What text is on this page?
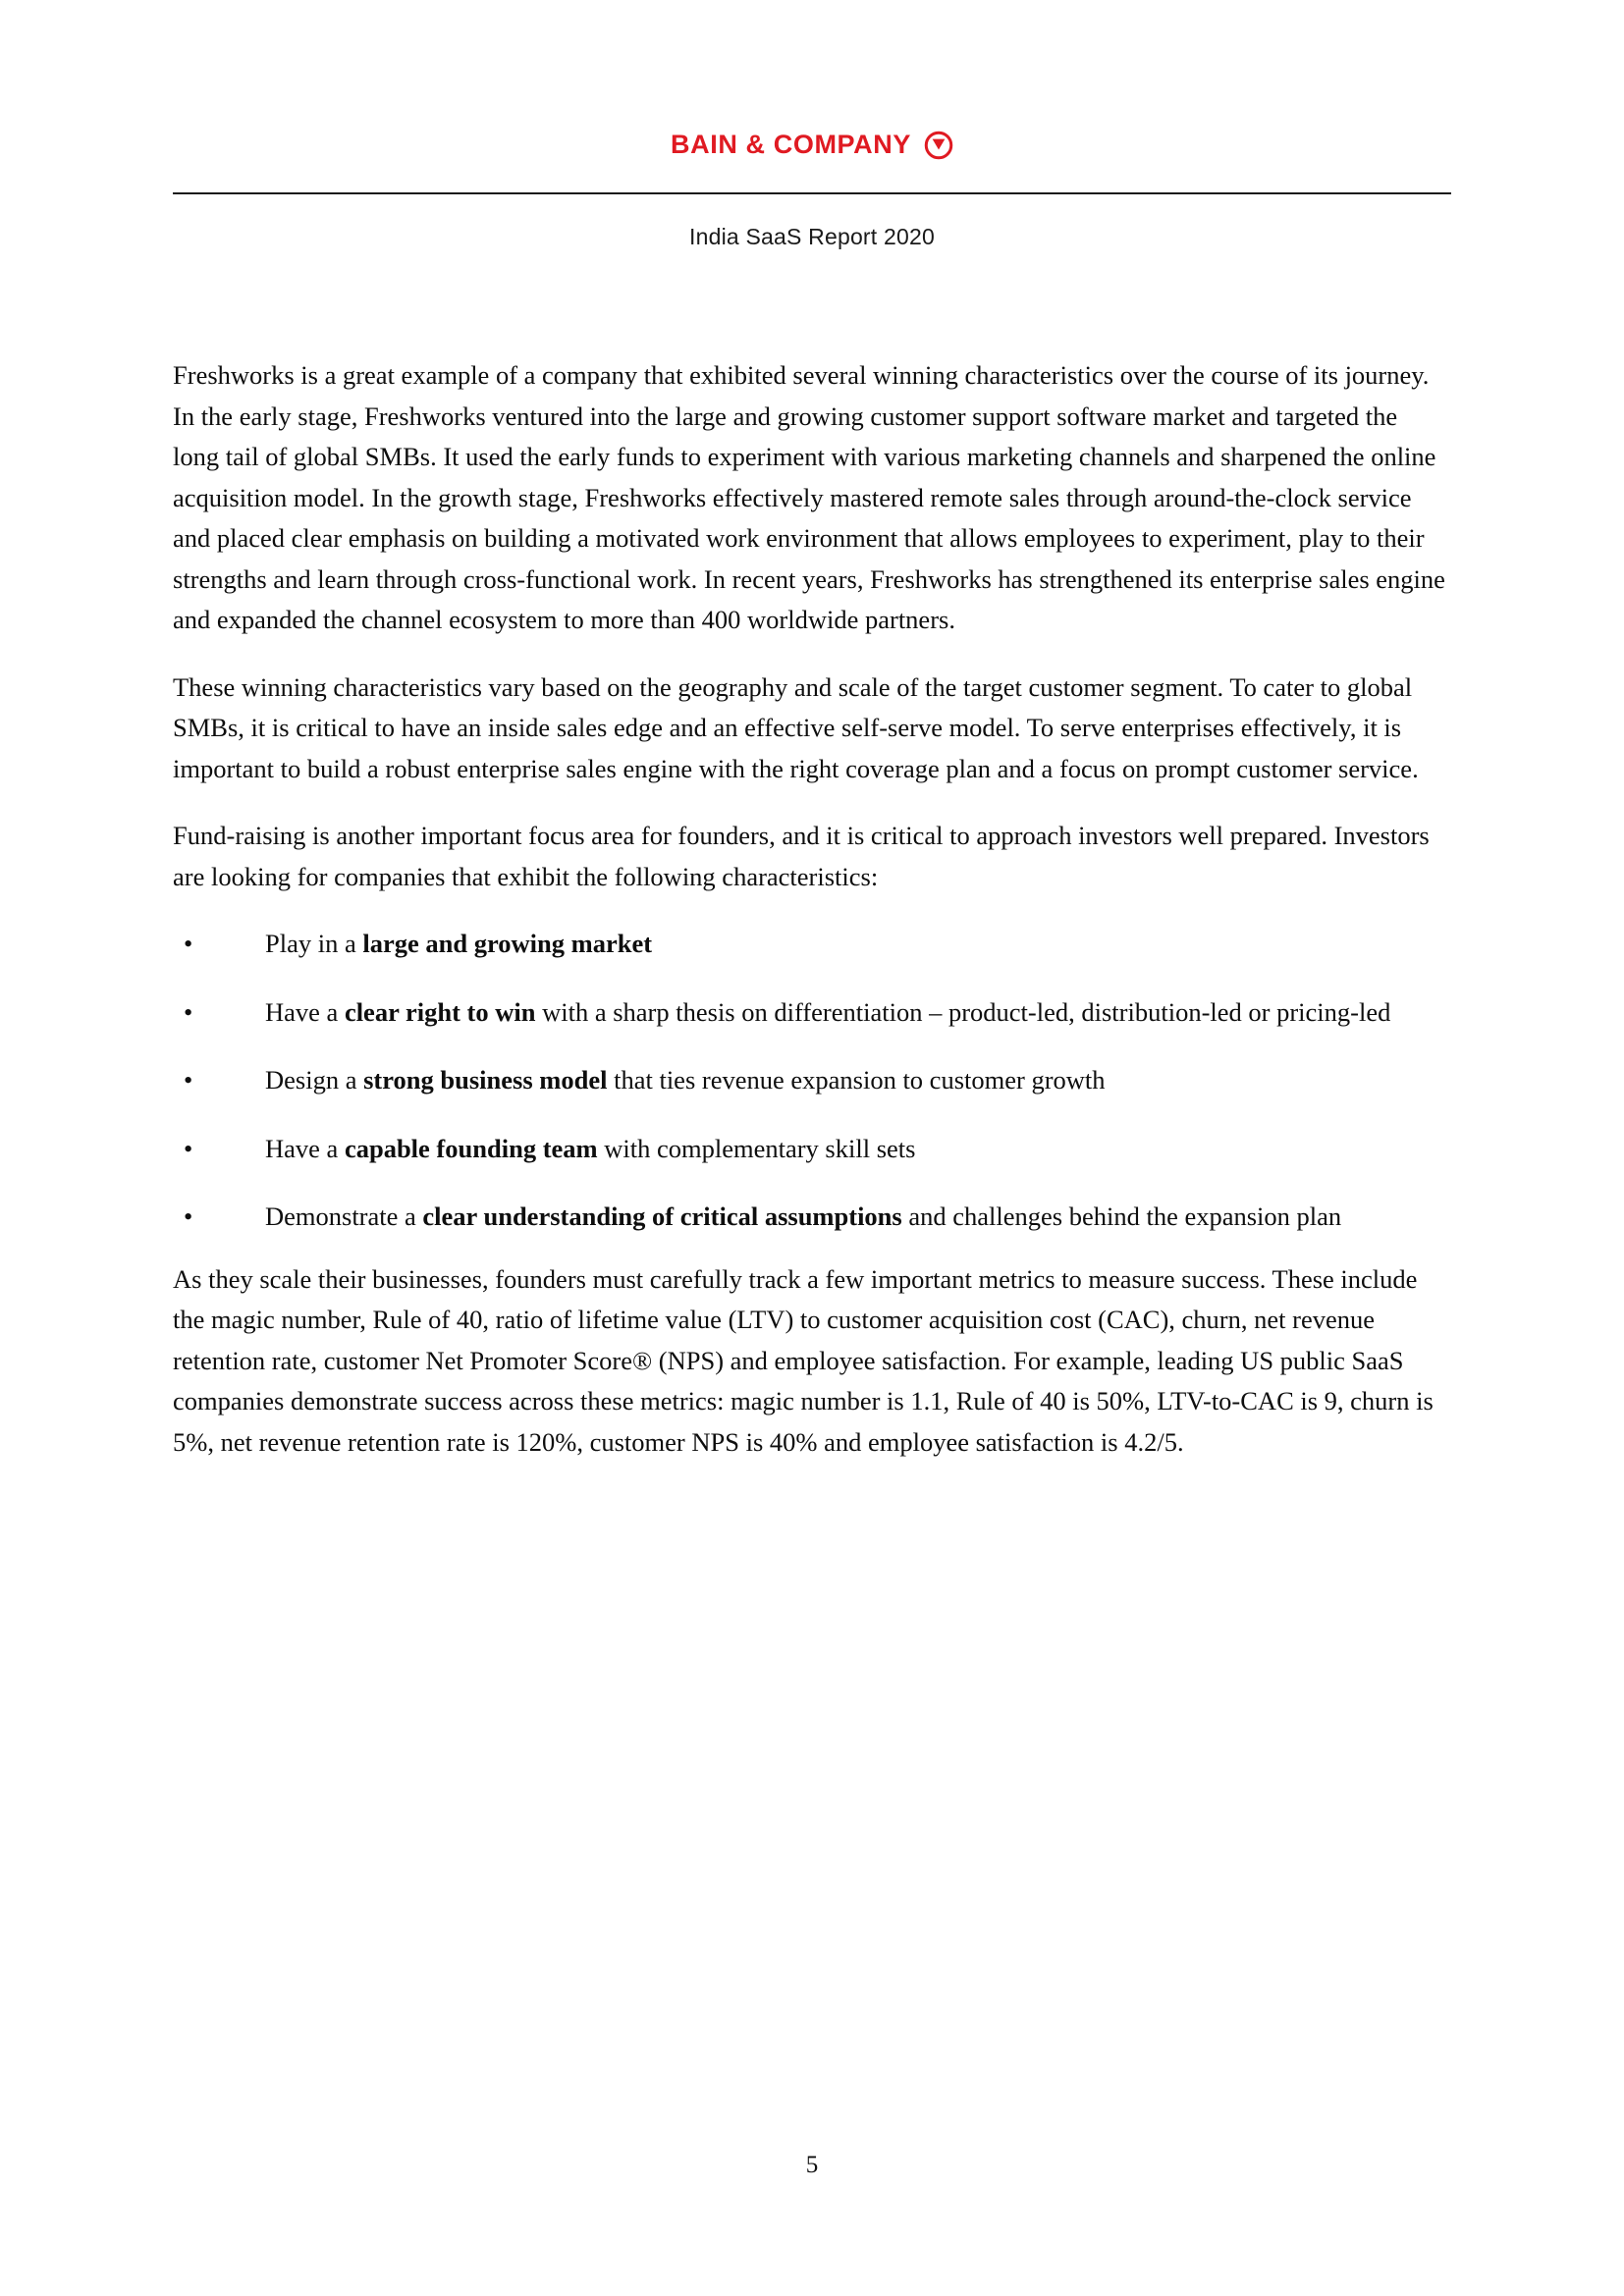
BAIN & COMPANY
India SaaS Report 2020

Freshworks is a great example of a company that exhibited several winning characteristics over the course of its journey. In the early stage, Freshworks ventured into the large and growing customer support software market and targeted the long tail of global SMBs. It used the early funds to experiment with various marketing channels and sharpened the online acquisition model. In the growth stage, Freshworks effectively mastered remote sales through around-the-clock service and placed clear emphasis on building a motivated work environment that allows employees to experiment, play to their strengths and learn through cross-functional work. In recent years, Freshworks has strengthened its enterprise sales engine and expanded the channel ecosystem to more than 400 worldwide partners.

These winning characteristics vary based on the geography and scale of the target customer segment. To cater to global SMBs, it is critical to have an inside sales edge and an effective self-serve model. To serve enterprises effectively, it is important to build a robust enterprise sales engine with the right coverage plan and a focus on prompt customer service.

Fund-raising is another important focus area for founders, and it is critical to approach investors well prepared. Investors are looking for companies that exhibit the following characteristics:

•	Play in a large and growing market
•	Have a clear right to win with a sharp thesis on differentiation – product-led, distribution-led or pricing-led
•	Design a strong business model that ties revenue expansion to customer growth
•	Have a capable founding team with complementary skill sets
•	Demonstrate a clear understanding of critical assumptions and challenges behind the expansion plan

As they scale their businesses, founders must carefully track a few important metrics to measure success. These include the magic number, Rule of 40, ratio of lifetime value (LTV) to customer acquisition cost (CAC), churn, net revenue retention rate, customer Net Promoter Score® (NPS) and employee satisfaction. For example, leading US public SaaS companies demonstrate success across these metrics: magic number is 1.1, Rule of 40 is 50%, LTV-to-CAC is 9, churn is 5%, net revenue retention rate is 120%, customer NPS is 40% and employee satisfaction is 4.2/5.

5
